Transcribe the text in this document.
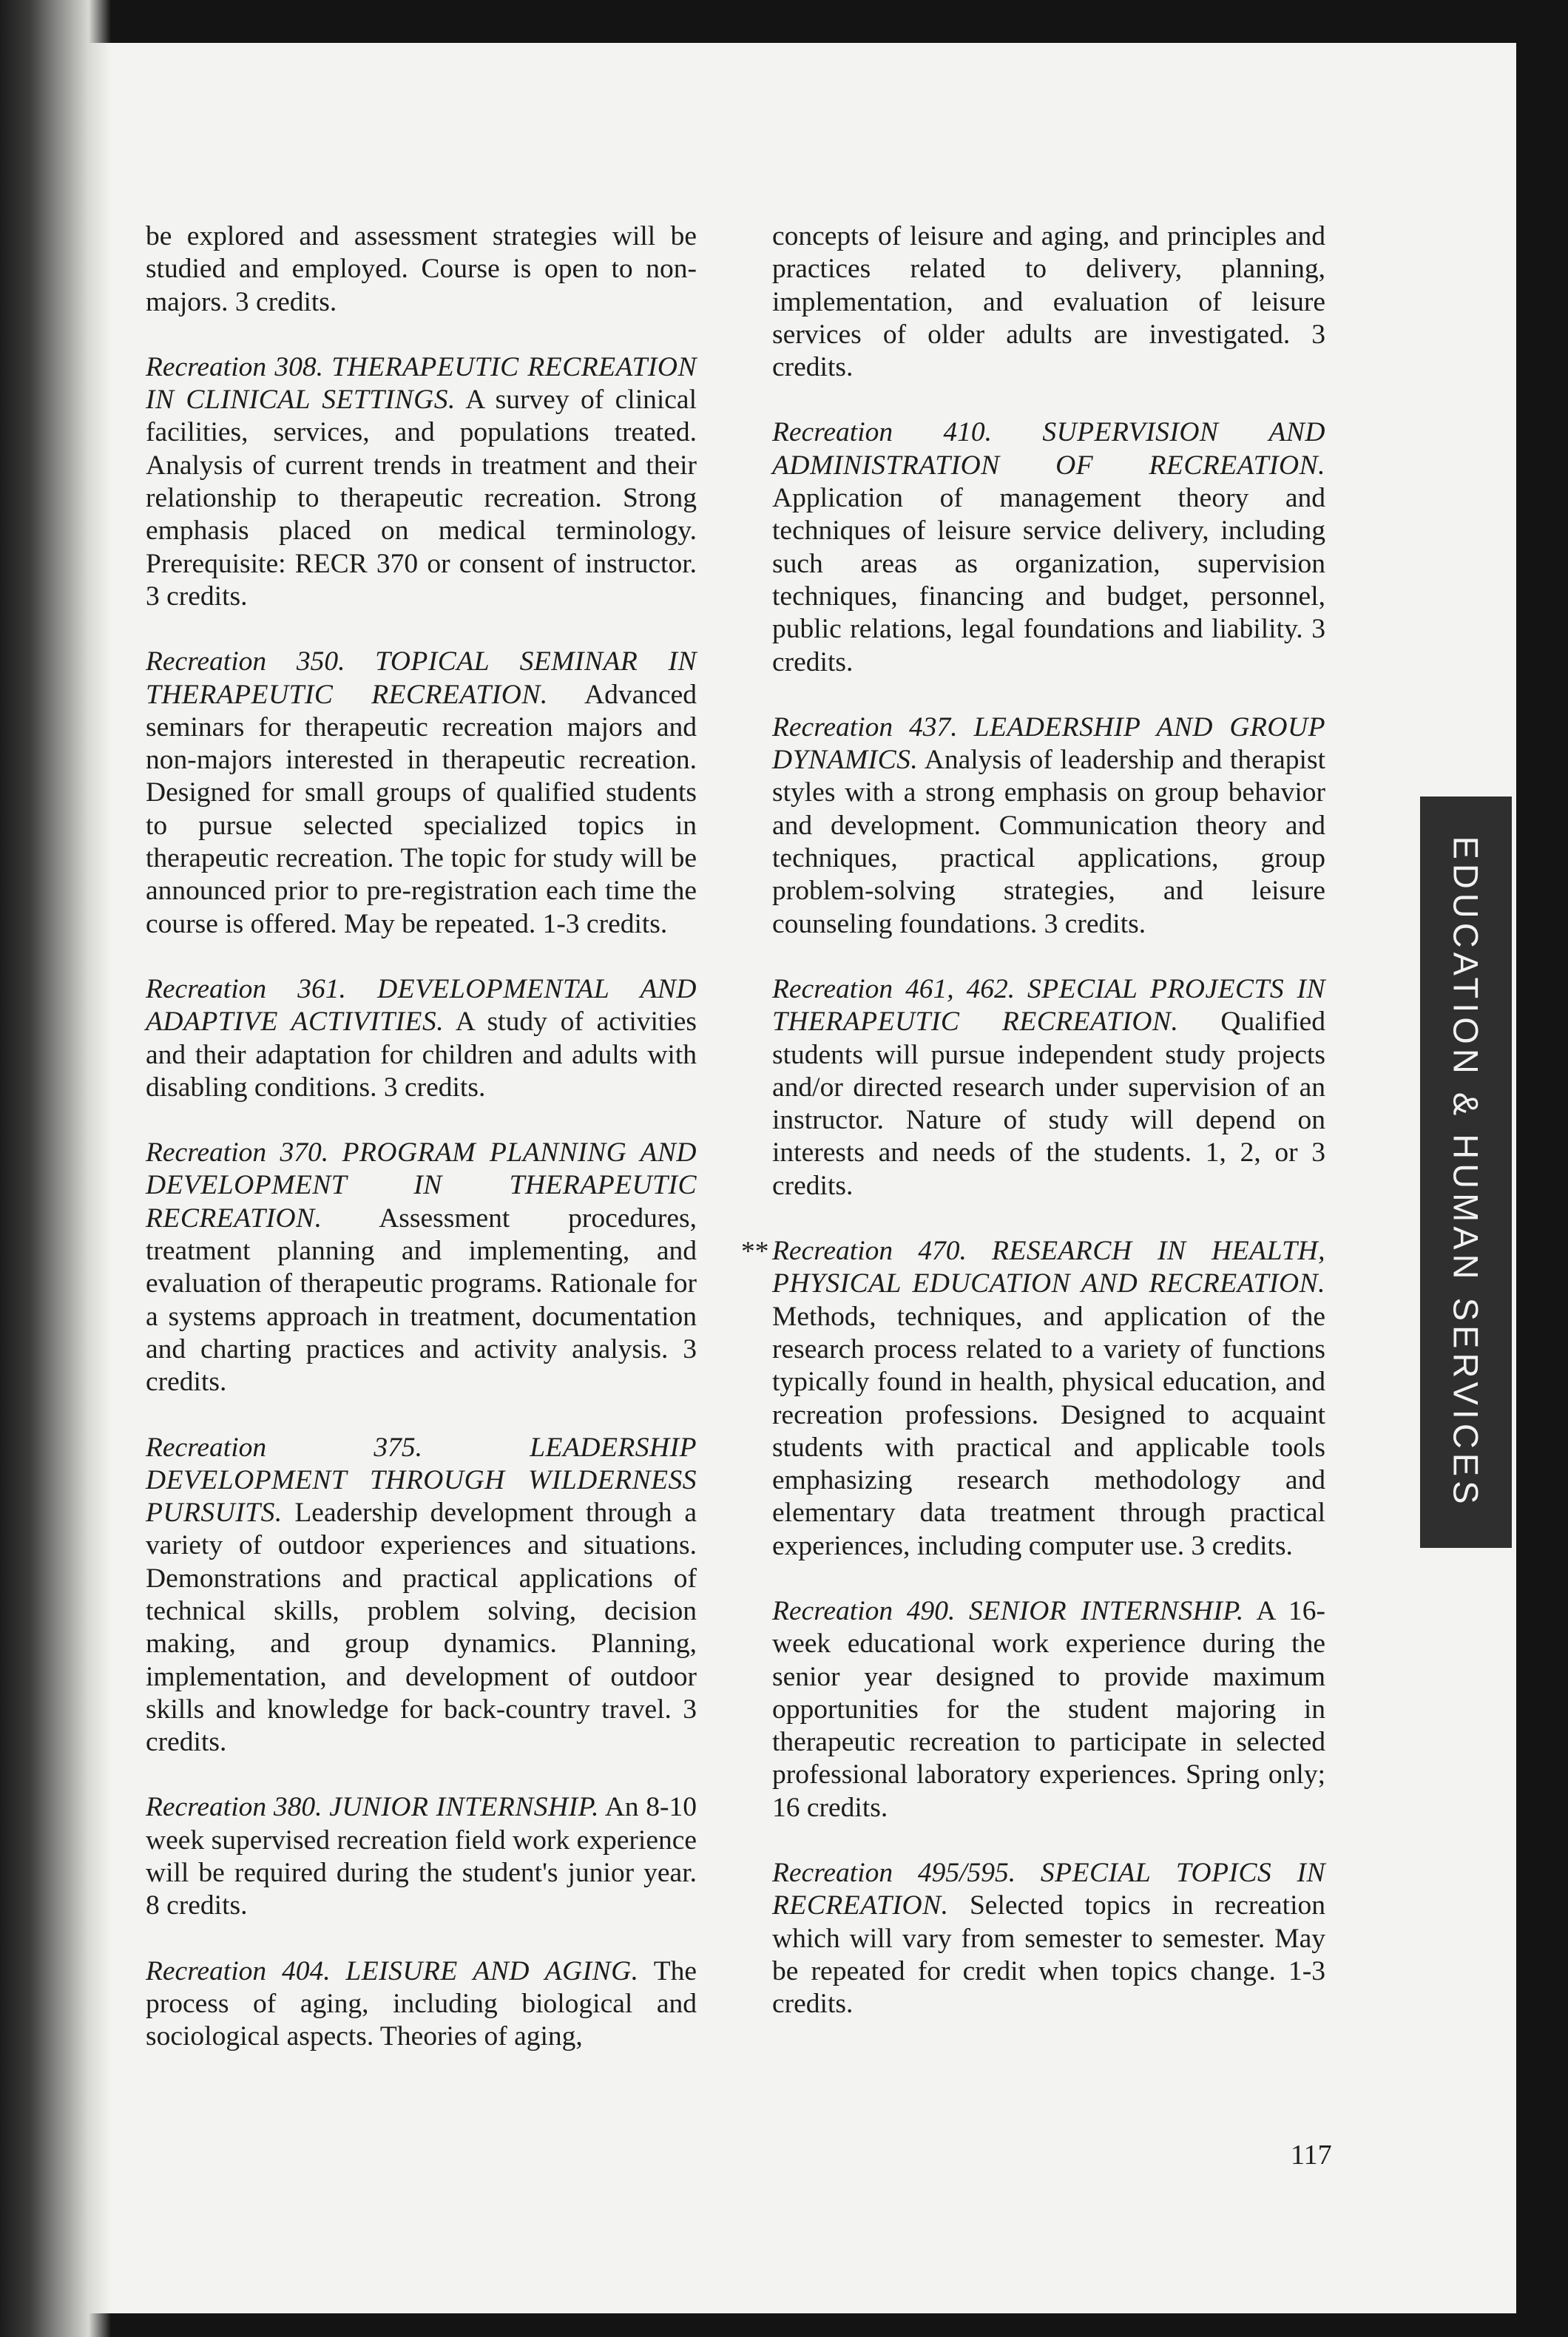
be explored and assessment strategies will be studied and employed. Course is open to non-majors. 3 credits.

Recreation 308. THERAPEUTIC RECREATION IN CLINICAL SETTINGS. A survey of clinical facilities, services, and populations treated. Analysis of current trends in treatment and their relationship to therapeutic recreation. Strong emphasis placed on medical terminology. Prerequisite: RECR 370 or consent of instructor. 3 credits.

Recreation 350. TOPICAL SEMINAR IN THERAPEUTIC RECREATION. Advanced seminars for therapeutic recreation majors and non-majors interested in therapeutic recreation. Designed for small groups of qualified students to pursue selected specialized topics in therapeutic recreation. The topic for study will be announced prior to pre-registration each time the course is offered. May be repeated. 1-3 credits.

Recreation 361. DEVELOPMENTAL AND ADAPTIVE ACTIVITIES. A study of activities and their adaptation for children and adults with disabling conditions. 3 credits.

Recreation 370. PROGRAM PLANNING AND DEVELOPMENT IN THERAPEUTIC RECREATION. Assessment procedures, treatment planning and implementing, and evaluation of therapeutic programs. Rationale for a systems approach in treatment, documentation and charting practices and activity analysis. 3 credits.

Recreation 375.	LEADERSHIP DEVELOPMENT THROUGH WILDERNESS PURSUITS. Leadership development through a variety of outdoor experiences and situations. Demonstrations and practical applications of technical skills, problem solving, decision making, and group dynamics. Planning, implementation, and development of outdoor skills and knowledge for back-country travel. 3 credits.

Recreation 380. JUNIOR INTERNSHIP. An 8-10 week supervised recreation field work experience will be required during the student's junior year. 8 credits.

Recreation 404. LEISURE AND AGING. The process of aging, including biological and sociological aspects. Theories of aging,

concepts of leisure and aging, and principles and practices related to delivery, planning, implementation, and evaluation of leisure services of older adults are investigated. 3 credits.

Recreation 410. SUPERVISION AND ADMINISTRATION OF RECREATION. Application of management theory and techniques of leisure service delivery, including such areas as organization, supervision techniques, financing and budget, personnel, public relations, legal foundations and liability. 3 credits.

Recreation 437. LEADERSHIP AND GROUP DYNAMICS. Analysis of leadership and therapist styles with a strong emphasis on group behavior and development. Communication theory and techniques, practical applications, group problem-solving strategies, and leisure counseling foundations. 3 credits.

Recreation 461, 462. SPECIAL PROJECTS IN THERAPEUTIC RECREATION. Qualified students will pursue independent study projects and/or directed research under supervision of an instructor. Nature of study will depend on interests and needs of the students. 1, 2, or 3 credits.

** Recreation 470. RESEARCH IN HEALTH, PHYSICAL EDUCATION AND RECREATION. Methods, techniques, and application of the research process related to a variety of functions typically found in health, physical education, and recreation professions. Designed to acquaint students with practical and applicable tools emphasizing research methodology and elementary data treatment through practical experiences, including computer use. 3 credits.

Recreation 490. SENIOR INTERNSHIP. A 16-week educational work experience during the senior year designed to provide maximum opportunities for the student majoring in therapeutic recreation to participate in selected professional laboratory experiences. Spring only; 16 credits.

Recreation 495/595. SPECIAL TOPICS IN RECREATION. Selected topics in recreation which will vary from semester to semester. May be repeated for credit when topics change. 1-3 credits.

EDUCATION & HUMAN SERVICES
117
